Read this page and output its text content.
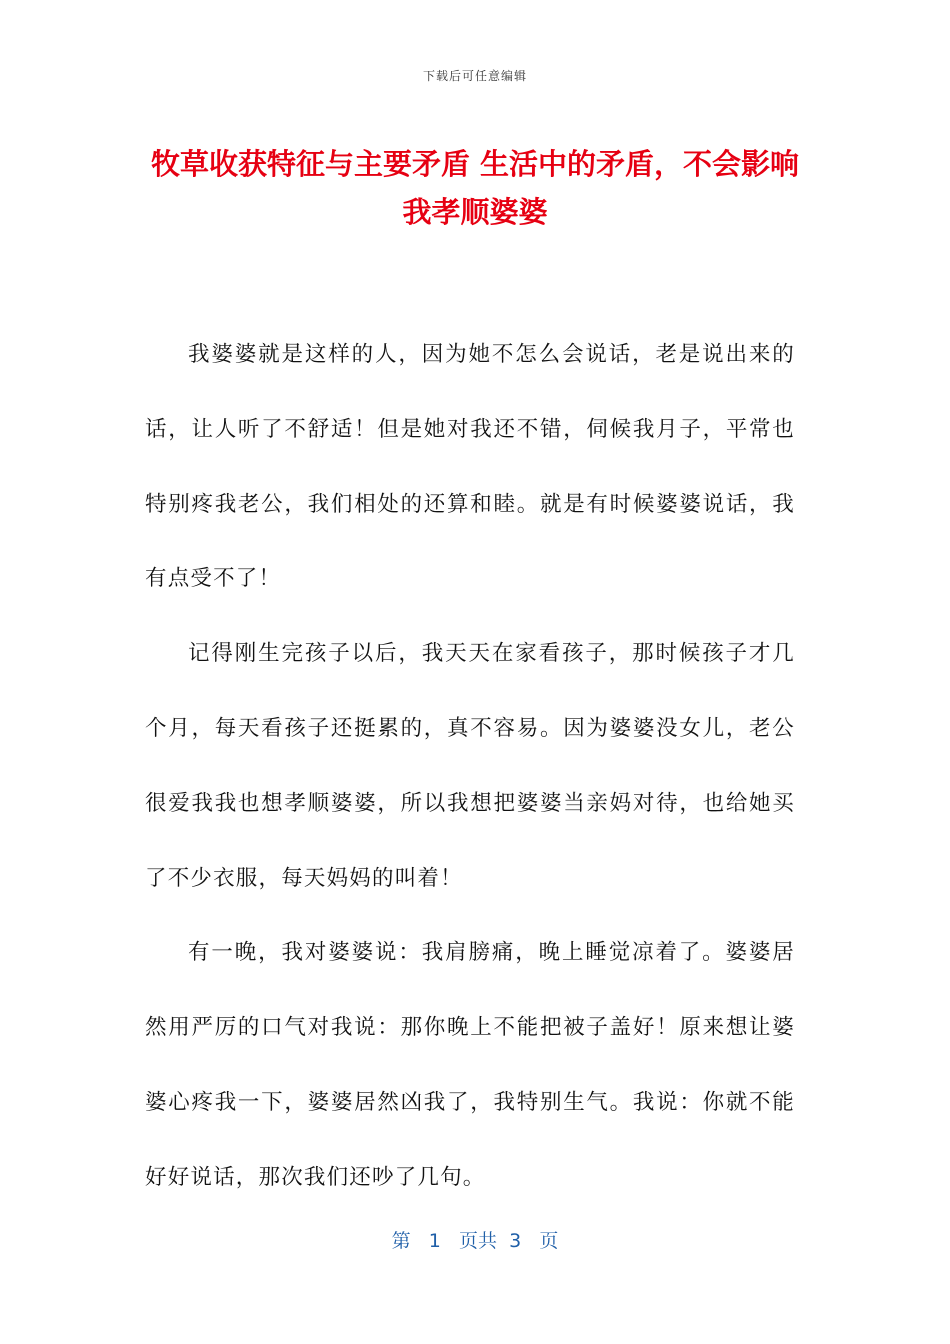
下载后可任意编辑
牧草收获特征与主要矛盾 生活中的矛盾，不会影响我孝顺婆婆

我婆婆就是这样的人，因为她不怎么会说话，老是说出来的话，让人听了不舒适！但是她对我还不错，伺候我月子，平常也特别疼我老公，我们相处的还算和睦。就是有时候婆婆说话，我有点受不了！

记得刚生完孩子以后，我天天在家看孩子，那时候孩子才几个月，每天看孩子还挺累的，真不容易。因为婆婆没女儿，老公很爱我我也想孝顺婆婆，所以我想把婆婆当亲妈对待，也给她买了不少衣服，每天妈妈的叫着！

有一晚，我对婆婆说：我肩膀痛，晚上睡觉凉着了。婆婆居然用严厉的口气对我说：那你晚上不能把被子盖好！原来想让婆婆心疼我一下，婆婆居然凶我了，我特别生气。我说：你就不能好好说话，那次我们还吵了几句。

第 1 页共 3 页
